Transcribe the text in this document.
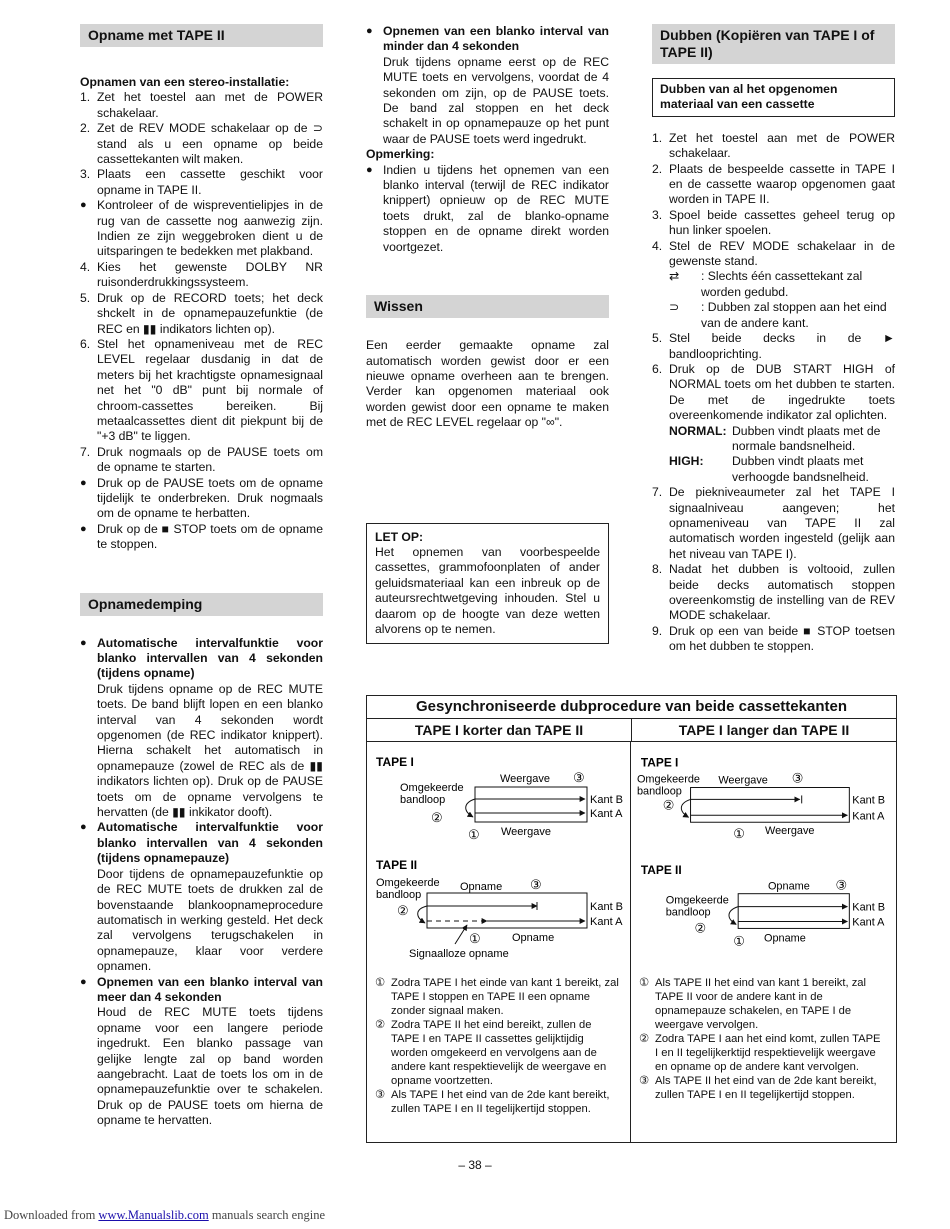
Opname met TAPE II
Opnamen van een stereo-installatie:
1. Zet het toestel aan met de POWER schakelaar.
2. Zet de REV MODE schakelaar op de ⊃ stand als u een opname op beide cassettekanten wilt maken.
3. Plaats een cassette geschikt voor opname in TAPE II.
● Kontroleer of de wispreventielipjes in de rug van de cassette nog aanwezig zijn. Indien ze zijn weggebroken dient u de uitsparingen te bedekken met plakband.
4. Kies het gewenste DOLBY NR ruisonderdrukkingssysteem.
5. Druk op de RECORD toets; het deck shckelt in de opnamepauzefunktie (de REC en ▮▮ indikators lichten op).
6. Stel het opnameniveau met de REC LEVEL regelaar dusdanig in dat de meters bij het krachtigste opnamesignaal net het "0 dB" punt bij normale of chroom-cassettes bereiken. Bij metaalcassettes dient dit piekpunt bij de "+3 dB" te liggen.
7. Druk nogmaals op de PAUSE toets om de opname te starten.
● Druk op de PAUSE toets om de opname tijdelijk te onderbreken. Druk nogmaals om de opname te herbatten.
● Druk op de ■ STOP toets om de opname te stoppen.
Opnamedemping
● Automatische intervalfunktie voor blanko intervallen van 4 sekonden (tijdens opname)
Druk tijdens opname op de REC MUTE toets. De band blijft lopen en een blanko interval van 4 sekonden wordt opgenomen (de REC indikator knippert). Hierna schakelt het automatisch in opnamepauze (zowel de REC als de ▮▮ indikators lichten op). Druk op de PAUSE toets om de opname vervolgens te hervatten (de ▮▮ inkikator dooft).
● Automatische intervalfunktie voor blanko intervallen van 4 sekonden (tijdens opnamepauze)
Door tijdens de opnamepauzefunktie op de REC MUTE toets de drukken zal de bovenstaande blankoopnameprocedure automatisch in werking gesteld. Het deck zal vervolgens terugschakelen in opnamepauze, klaar voor verdere opnamen.
● Opnemen van een blanko interval van meer dan 4 sekonden
Houd de REC MUTE toets tijdens opname voor een langere periode ingedrukt. Een blanko passage van gelijke lengte zal op band worden aangebracht. Laat de toets los om in de opnamepauzefunktie over te schakelen. Druk op de PAUSE toets om hierna de opname te hervatten.
● Opnemen van een blanko interval van minder dan 4 sekonden
Druk tijdens opname eerst op de REC MUTE toets en vervolgens, voordat de 4 sekonden om zijn, op de PAUSE toets. De band zal stoppen en het deck schakelt in op opnamepauze op het punt waar de PAUSE toets werd ingedrukt.
Opmerking:
● Indien u tijdens het opnemen van een blanko interval (terwijl de REC indikator knippert) opnieuw op de REC MUTE toets drukt, zal de blanko-opname stoppen en de opname direkt worden voortgezet.
Wissen
Een eerder gemaakte opname zal automatisch worden gewist door er een nieuwe opname overheen aan te brengen. Verder kan opgenomen materiaal ook worden gewist door een opname te maken met de REC LEVEL regelaar op "∞".
LET OP:
Het opnemen van voorbespeelde cassettes, grammofoonplaten of ander geluidsmateriaal kan een inbreuk op de auteursrechtwetgeving inhouden. Stel u daarom op de hoogte van deze wetten alvorens op te nemen.
Dubben (Kopiëren van TAPE I of TAPE II)
Dubben van al het opgenomen materiaal van een cassette
1. Zet het toestel aan met de POWER schakelaar.
2. Plaats de bespeelde cassette in TAPE I en de cassette waarop opgenomen gaat worden in TAPE II.
3. Spoel beide cassettes geheel terug op hun linker spoelen.
4. Stel de REV MODE schakelaar in de gewenste stand.
⇄	: Slechts één cassettekant zal worden gedubd.
⊃	: Dubben zal stoppen aan het eind van de andere kant.
5. Stel beide decks in de ► bandlooprichting.
6. Druk op de DUB START HIGH of NORMAL toets om het dubben te starten. De met de ingedrukte toets overeenkomende indikator zal oplichten.
NORMAL: Dubben vindt plaats met de normale bandsnelheid.
HIGH:	Dubben vindt plaats met verhoogde bandsnelheid.
7. De piekniveaumeter zal het TAPE I signaalniveau aangeven; het opnameniveau van TAPE II zal automatisch worden ingesteld (gelijk aan het niveau van TAPE I).
8. Nadat het dubben is voltooid, zullen beide decks automatisch stoppen overeenkomstig de instelling van de REV MODE schakelaar.
9. Druk op een van beide ■ STOP toetsen om het dubben te stoppen.
Gesynchroniseerde dubprocedure van beide cassettekanten
TAPE I korter dan TAPE II	TAPE I langer dan TAPE II
TAPE I
Omgekeerde
bandloop
Weergave ③
Kant B
Kant A
②
① Weergave
TAPE II
Omgekeerde
bandloop
Opname ③
Kant B
Kant A
②
①	Opname
Signaalloze opname
TAPE I
Omgekeerde
bandloop
Weergave ③
Kant B
Kant A
②
① Weergave
TAPE II
Omgekeerde
bandloop
Opname ③
Kant B
Kant A
②
① Opname
① Zodra TAPE I het einde van kant 1 bereikt, zal TAPE I stoppen en TAPE II een opname zonder signaal maken.
② Zodra TAPE II het eind bereikt, zullen de TAPE I en TAPE II cassettes gelijktijdig worden omgekeerd en vervolgens aan de andere kant respektievelijk de weergave en opname voortzetten.
③ Als TAPE I het eind van de 2de kant bereikt, zullen TAPE I en II tegelijkertijd stoppen.
① Als TAPE II het eind van kant 1 bereikt, zal TAPE II voor de andere kant in de opnamepauze schakelen, en TAPE I de weergave vervolgen.
② Zodra TAPE I aan het eind komt, zullen TAPE I en II tegelijkerktijd respektievelijk weergave en opname op de andere kant vervolgen.
③ Als TAPE II het eind van de 2de kant bereikt, zullen TAPE I en II tegelijkertijd stoppen.
– 38 –
Downloaded from www.Manualslib.com manuals search engine
